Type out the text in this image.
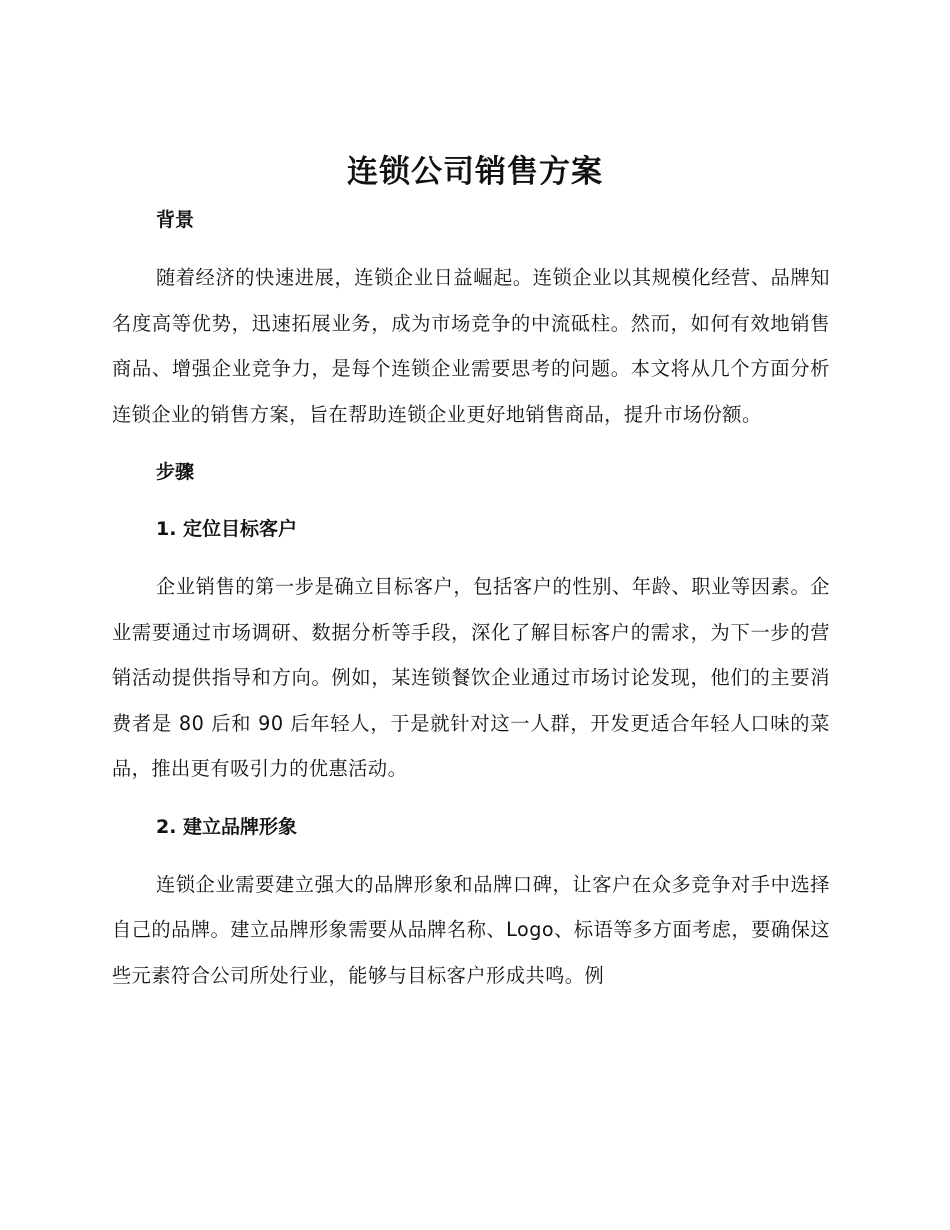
连锁公司销售方案
背景

随着经济的快速进展，连锁企业日益崛起。连锁企业以其规模化经营、品牌知名度高等优势，迅速拓展业务，成为市场竞争的中流砥柱。然而，如何有效地销售商品、增强企业竞争力，是每个连锁企业需要思考的问题。本文将从几个方面分析连锁企业的销售方案，旨在帮助连锁企业更好地销售商品，提升市场份额。

步骤
1. 定位目标客户

企业销售的第一步是确立目标客户，包括客户的性别、年龄、职业等因素。企业需要通过市场调研、数据分析等手段，深化了解目标客户的需求，为下一步的营销活动提供指导和方向。例如，某连锁餐饮企业通过市场讨论发现，他们的主要消费者是 80 后和 90 后年轻人，于是就针对这一人群，开发更适合年轻人口味的菜品，推出更有吸引力的优惠活动。

2. 建立品牌形象

连锁企业需要建立强大的品牌形象和品牌口碑，让客户在众多竞争对手中选择自己的品牌。建立品牌形象需要从品牌名称、Logo、标语等多方面考虑，要确保这些元素符合公司所处行业，能够与目标客户形成共鸣。例
